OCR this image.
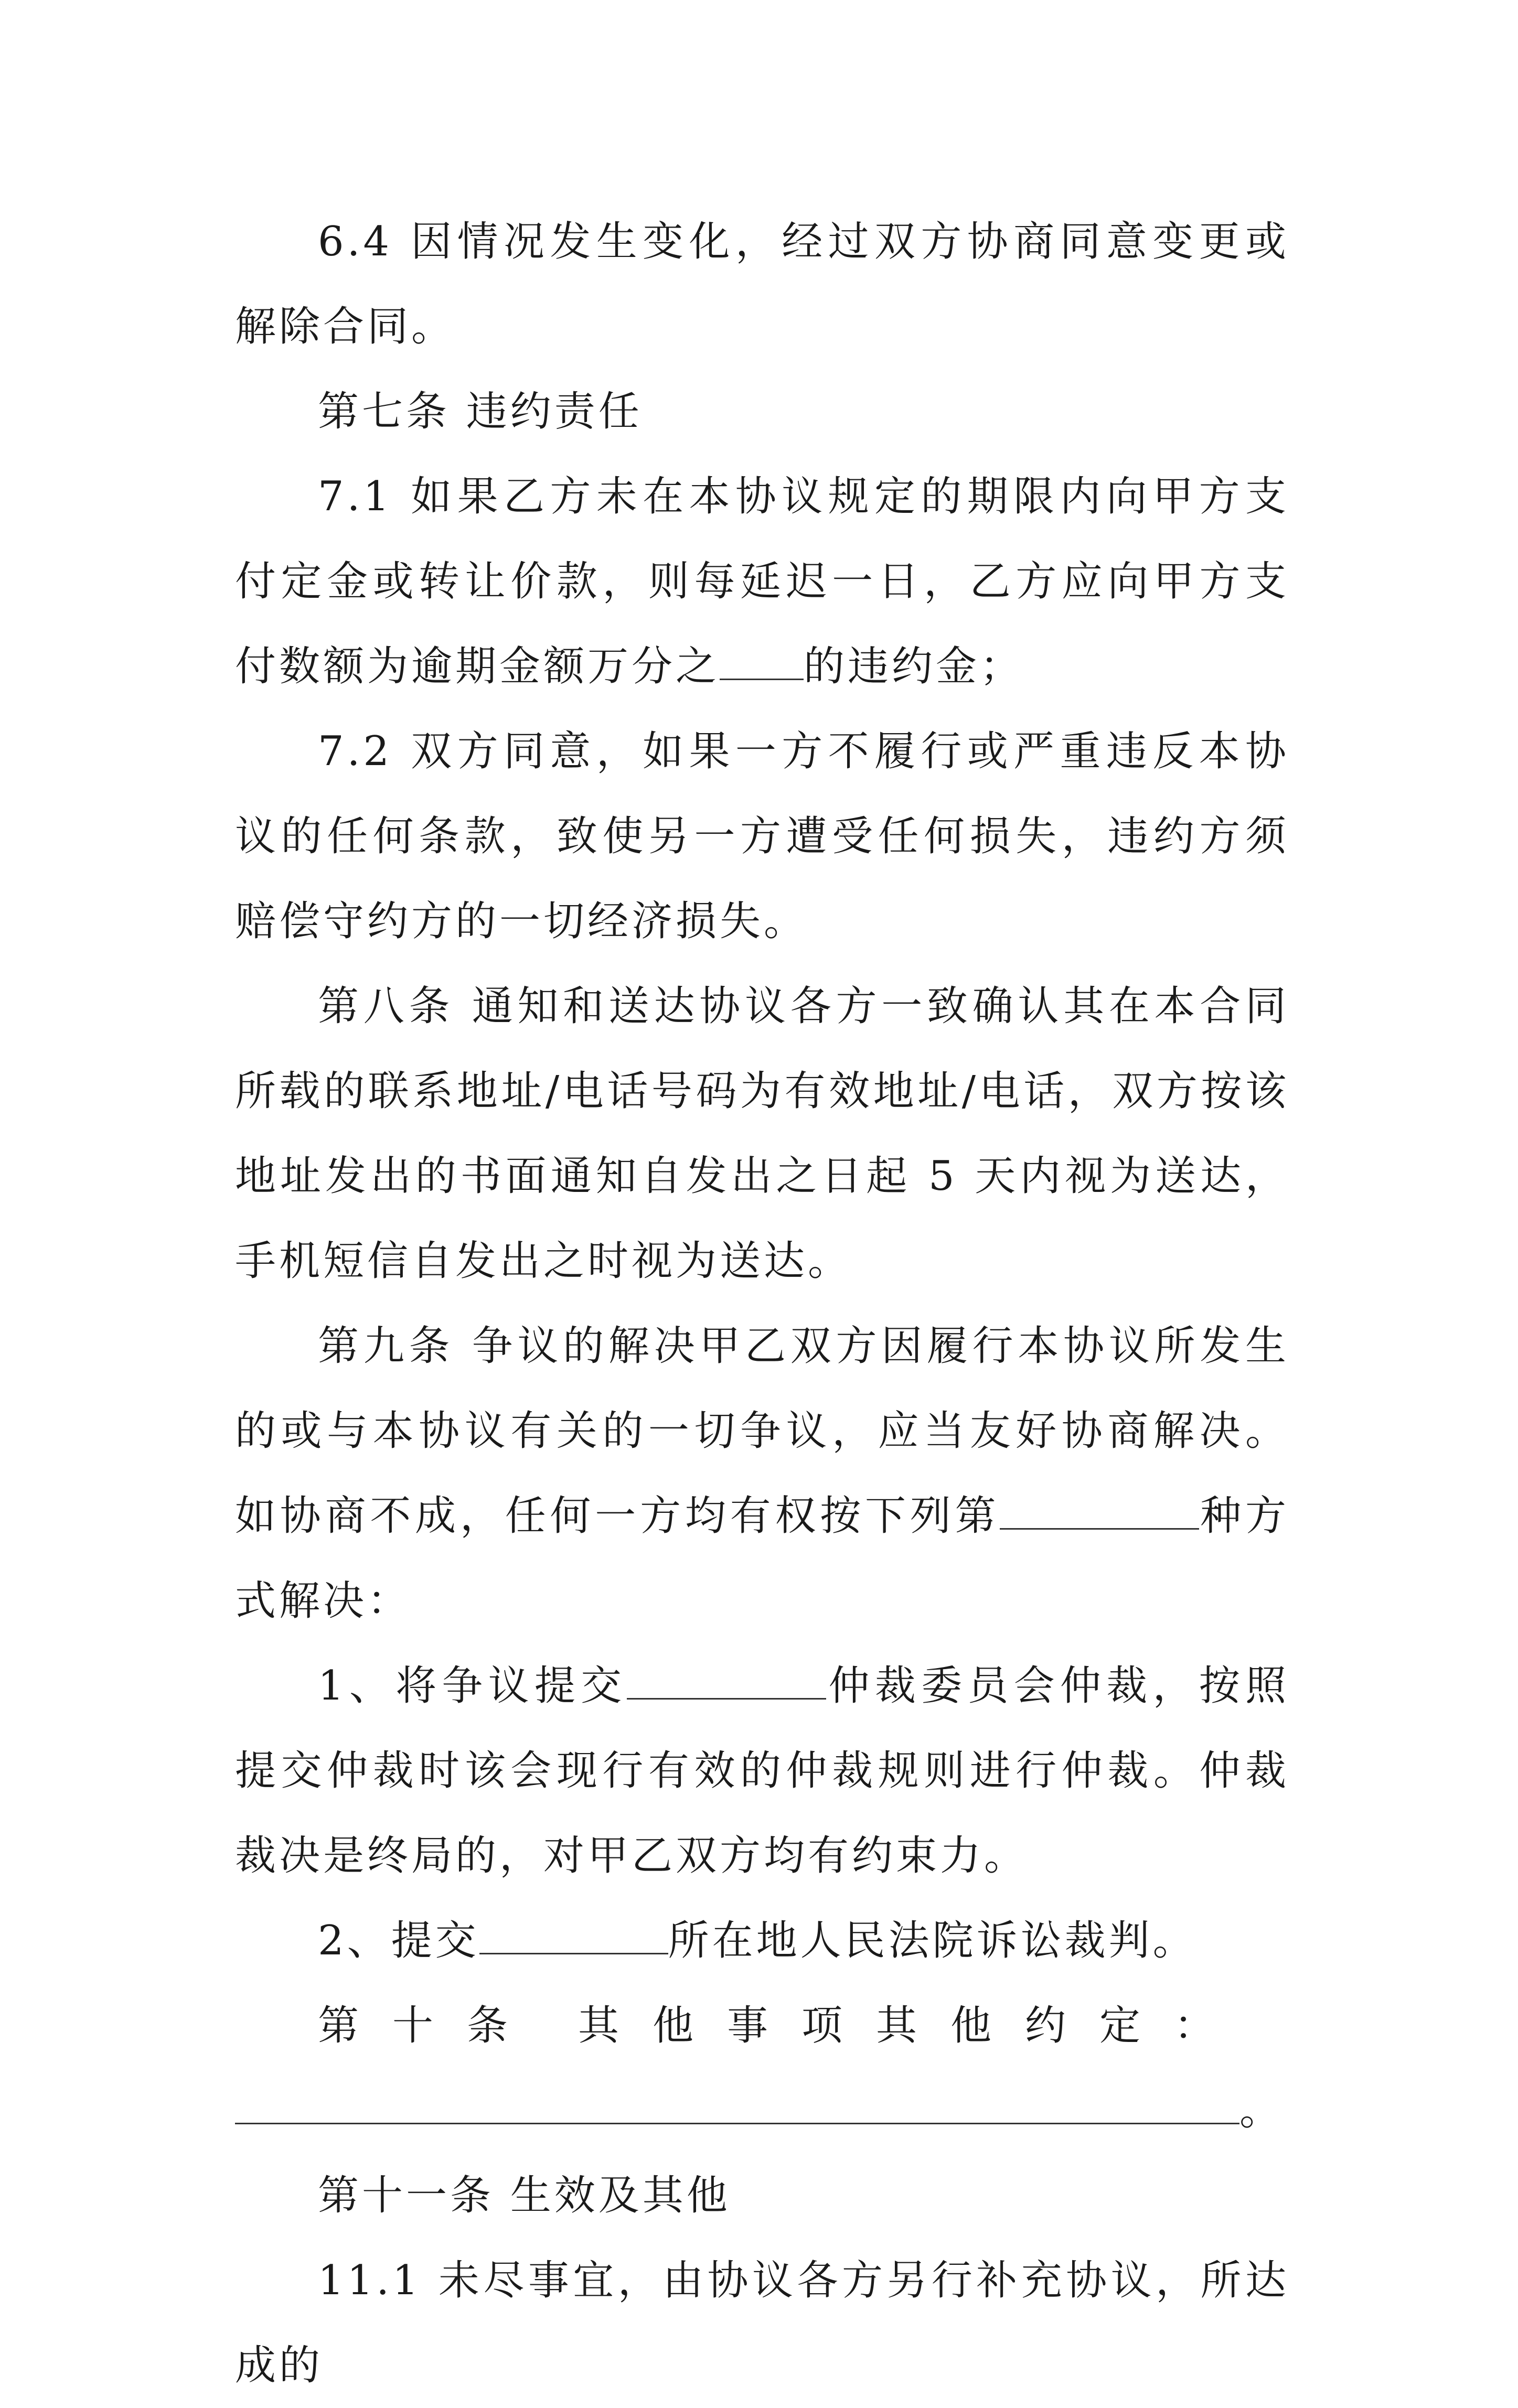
6.4 因情况发生变化，经过双方协商同意变更或解除合同。

第七条 违约责任

7.1 如果乙方未在本协议规定的期限内向甲方支付定金或转让价款，则每延迟一日，乙方应向甲方支付数额为逾期金额万分之 的违约金；

7.2 双方同意，如果一方不履行或严重违反本协议的任何条款，致使另一方遭受任何损失，违约方须赔偿守约方的一切经济损失。

第八条 通知和送达协议各方一致确认其在本合同所载的联系地址/电话号码为有效地址/电话，双方按该地址发出的书面通知自发出之日起 5 天内视为送达，手机短信自发出之时视为送达。

第九条 争议的解决甲乙双方因履行本协议所发生的或与本协议有关的一切争议，应当友好协商解决。如协商不成，任何一方均有权按下列第	种方式解决：

1、将争议提交	仲裁委员会仲裁，按照提交仲裁时该会现行有效的仲裁规则进行仲裁。仲裁裁决是终局的，对甲乙双方均有约束力。

2、提交	所在地人民法院诉讼裁判。

第十条 其他事项其他约定：

。

第十一条 生效及其他

11.1 未尽事宜，由协议各方另行补充协议，所达成的
